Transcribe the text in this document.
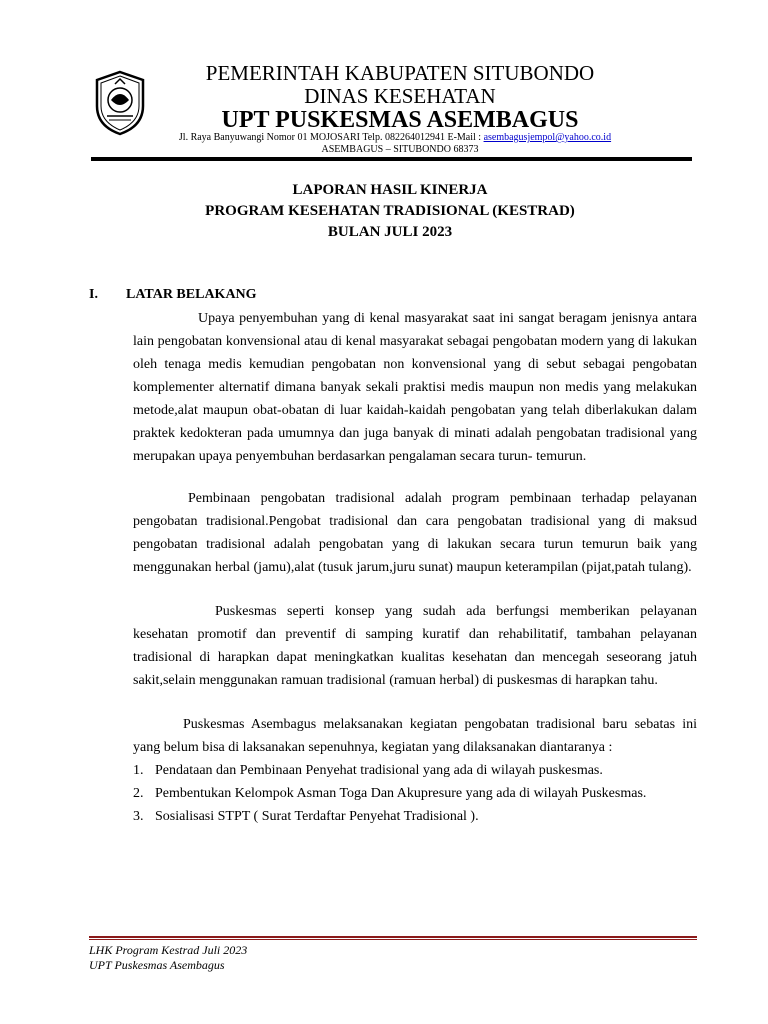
PEMERINTAH KABUPATEN SITUBONDO
DINAS KESEHATAN
UPT PUSKESMAS ASEMBAGUS
Jl. Raya Banyuwangi Nomor 01 MOJOSARI Telp. 082264012941 E-Mail : asembagusjempol@yahoo.co.id
ASEMBAGUS – SITUBONDO 68373
LAPORAN HASIL KINERJA
PROGRAM KESEHATAN TRADISIONAL (KESTRAD)
BULAN JULI 2023
I. LATAR BELAKANG
Upaya penyembuhan yang di kenal masyarakat saat ini sangat beragam jenisnya antara lain pengobatan konvensional atau di kenal masyarakat sebagai pengobatan modern yang di lakukan oleh tenaga medis kemudian pengobatan non konvensional yang di sebut sebagai pengobatan komplementer alternatif dimana banyak sekali praktisi medis maupun non medis yang melakukan metode,alat maupun obat-obatan di luar kaidah-kaidah pengobatan yang telah diberlakukan dalam praktek kedokteran pada umumnya dan juga banyak di minati adalah pengobatan tradisional yang merupakan upaya penyembuhan berdasarkan pengalaman secara turun- temurun.
Pembinaan pengobatan tradisional adalah program pembinaan terhadap pelayanan pengobatan tradisional.Pengobat tradisional dan cara pengobatan tradisional yang di maksud pengobatan tradisional adalah pengobatan yang di lakukan secara turun temurun baik yang menggunakan herbal (jamu),alat (tusuk jarum,juru sunat) maupun keterampilan (pijat,patah tulang).
Puskesmas seperti konsep yang sudah ada berfungsi memberikan pelayanan kesehatan promotif dan preventif di samping kuratif dan rehabilitatif, tambahan pelayanan tradisional di harapkan dapat meningkatkan kualitas kesehatan dan mencegah seseorang jatuh sakit,selain menggunakan ramuan tradisional (ramuan herbal) di puskesmas di harapkan tahu.
Puskesmas Asembagus melaksanakan kegiatan pengobatan tradisional baru sebatas ini yang belum bisa di laksanakan sepenuhnya, kegiatan yang dilaksanakan diantaranya :
1. Pendataan dan Pembinaan Penyehat tradisional yang ada di wilayah puskesmas.
2. Pembentukan Kelompok Asman Toga Dan Akupresure yang ada di wilayah Puskesmas.
3. Sosialisasi STPT ( Surat Terdaftar Penyehat Tradisional ).
LHK Program Kestrad Juli 2023
UPT Puskesmas Asembagus
